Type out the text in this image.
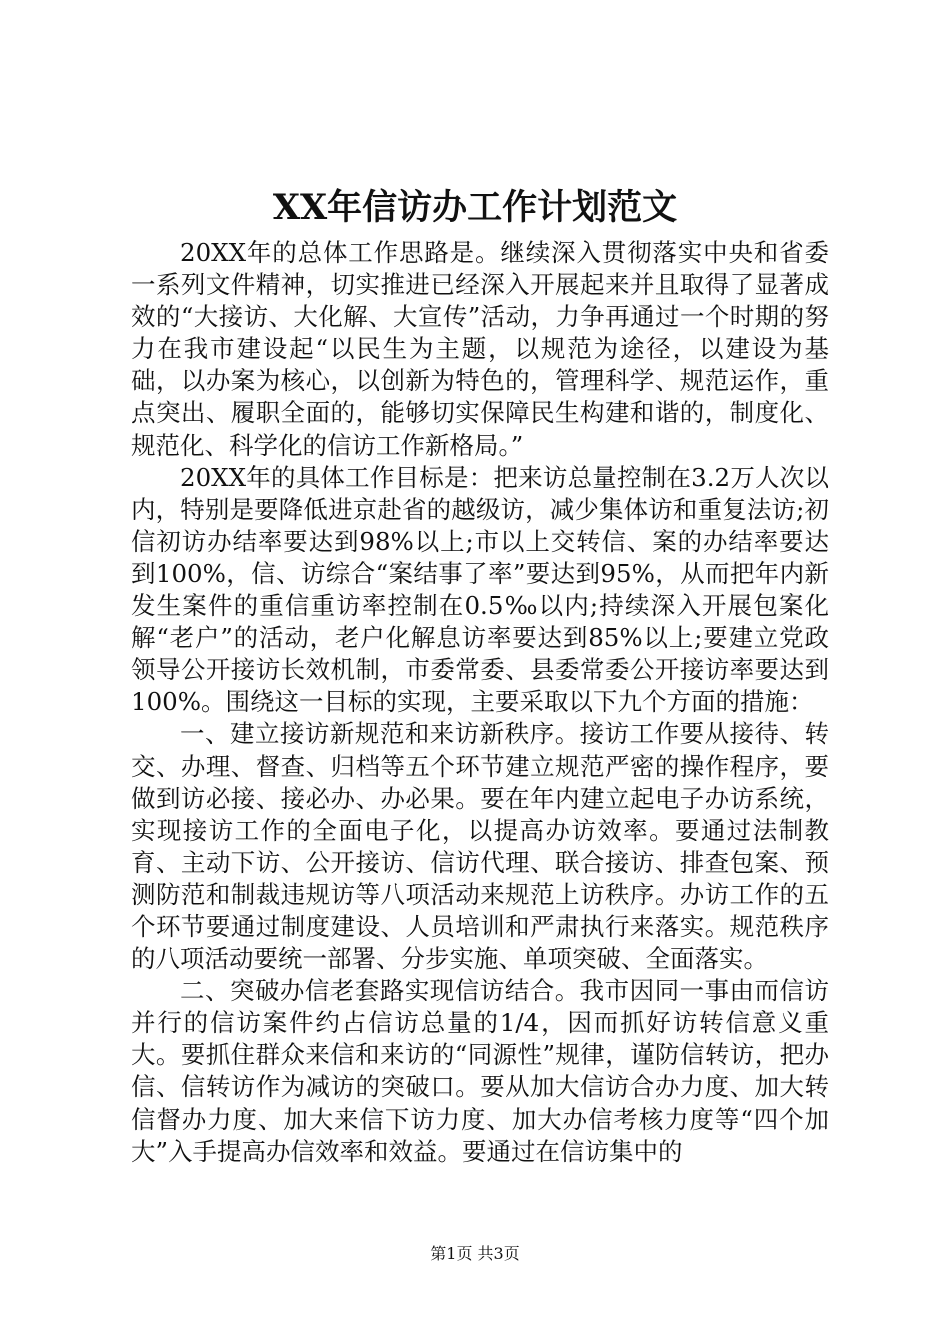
XX年信访办工作计划范文

20XX年的总体工作思路是。继续深入贯彻落实中央和省委一系列文件精神，切实推进已经深入开展起来并且取得了显著成效的“大接访、大化解、大宣传”活动，力争再通过一个时期的努力在我市建设起“以民生为主题，以规范为途径，以建设为基础，以办案为核心，以创新为特色的，管理科学、规范运作，重点突出、履职全面的，能够切实保障民生构建和谐的，制度化、规范化、科学化的信访工作新格局。”

20XX年的具体工作目标是：把来访总量控制在3.2万人次以内，特别是要降低进京赴省的越级访，减少集体访和重复法访;初信初访办结率要达到98%以上;市以上交转信、案的办结率要达到100%，信、访综合“案结事了率”要达到95%，从而把年内新发生案件的重信重访率控制在0.5‰以内;持续深入开展包案化解“老户”的活动，老户化解息访率要达到85%以上;要建立党政领导公开接访长效机制，市委常委、县委常委公开接访率要达到100%。围绕这一目标的实现，主要采取以下九个方面的措施：

一、建立接访新规范和来访新秩序。接访工作要从接待、转交、办理、督查、归档等五个环节建立规范严密的操作程序，要做到访必接、接必办、办必果。要在年内建立起电子办访系统，实现接访工作的全面电子化，以提高办访效率。要通过法制教育、主动下访、公开接访、信访代理、联合接访、排查包案、预测防范和制裁违规访等八项活动来规范上访秩序。办访工作的五个环节要通过制度建设、人员培训和严肃执行来落实。规范秩序的八项活动要统一部署、分步实施、单项突破、全面落实。

二、突破办信老套路实现信访结合。我市因同一事由而信访并行的信访案件约占信访总量的1/4，因而抓好访转信意义重大。要抓住群众来信和来访的“同源性”规律，谨防信转访，把办信、信转访作为减访的突破口。要从加大信访合办力度、加大转信督办力度、加大来信下访力度、加大办信考核力度等“四个加大”入手提高办信效率和效益。要通过在信访集中的

第1页 共3页
